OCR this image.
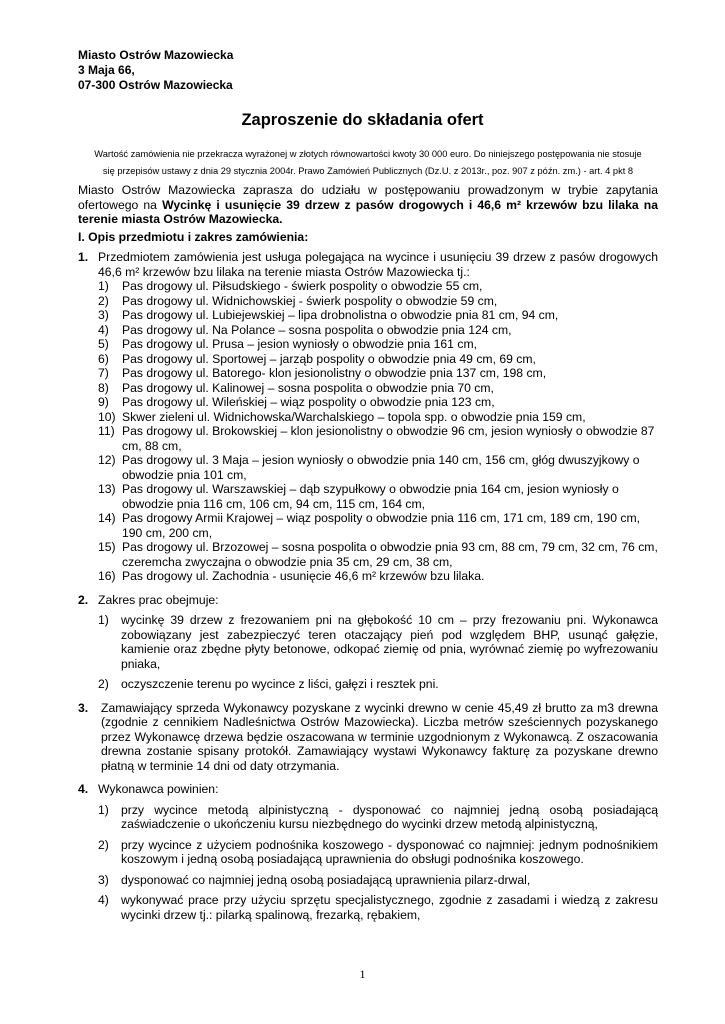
Miasto Ostrów Mazowiecka
3 Maja 66,
07-300 Ostrów Mazowiecka
Zaproszenie do składania ofert
Wartość zamówienia nie przekracza wyrażonej w złotych równowartości kwoty 30 000 euro. Do niniejszego postępowania nie stosuje
się przepisów ustawy z dnia 29 stycznia 2004r. Prawo Zamówień Publicznych (Dz.U. z 2013r., poz. 907 z późn. zm.) - art. 4 pkt 8
Miasto Ostrów Mazowiecka zaprasza do udziału w postępowaniu prowadzonym w trybie zapytania ofertowego na Wycinkę i usunięcie 39 drzew z pasów drogowych i 46,6 m² krzewów bzu lilaka na terenie miasta Ostrów Mazowiecka.
I. Opis przedmiotu i zakres zamówienia:
1. Przedmiotem zamówienia jest usługa polegająca na wycince i usunięciu 39 drzew z pasów drogowych 46,6 m² krzewów bzu lilaka na terenie miasta Ostrów Mazowiecka tj.:
1) Pas drogowy ul. Piłsudskiego - świerk pospolity o obwodzie 55 cm,
2) Pas drogowy ul. Widnichowskiej - świerk pospolity o obwodzie 59 cm,
3) Pas drogowy ul. Lubiejewskiej – lipa drobnolistna o obwodzie pnia 81 cm, 94 cm,
4) Pas drogowy ul. Na Polance – sosna pospolita o obwodzie pnia 124 cm,
5) Pas drogowy ul. Prusa – jesion wyniosły o obwodzie pnia 161 cm,
6) Pas drogowy ul. Sportowej – jarząb pospolity o obwodzie pnia 49 cm, 69 cm,
7) Pas drogowy ul. Batorego- klon jesionolistny o obwodzie pnia 137 cm, 198 cm,
8) Pas drogowy ul. Kalinowej – sosna pospolita o obwodzie pnia 70 cm,
9) Pas drogowy ul. Wileńskiej – wiąz pospolity o obwodzie pnia 123 cm,
10) Skwer zieleni ul. Widnichowska/Warchalskiego – topola spp. o obwodzie pnia 159 cm,
11) Pas drogowy ul. Brokowskiej – klon jesionolistny o obwodzie 96 cm, jesion wyniosły o obwodzie 87 cm, 88 cm,
12) Pas drogowy ul. 3 Maja – jesion wyniosły o obwodzie pnia 140 cm, 156 cm, głóg dwuszyjkowy o obwodzie pnia 101 cm,
13) Pas drogowy ul. Warszawskiej – dąb szypułkowy o obwodzie pnia 164 cm, jesion wyniosły o obwodzie pnia 116 cm, 106 cm, 94 cm, 115 cm, 164 cm,
14) Pas drogowy Armii Krajowej – wiąz pospolity o obwodzie pnia 116 cm, 171 cm, 189 cm, 190 cm, 190 cm, 200 cm,
15) Pas drogowy ul. Brzozowej – sosna pospolita o obwodzie pnia 93 cm, 88 cm, 79 cm, 32 cm, 76 cm, czeremcha zwyczajna o obwodzie pnia 35 cm, 29 cm, 38 cm,
16) Pas drogowy ul. Zachodnia - usunięcie 46,6 m² krzewów bzu lilaka.
2. Zakres prac obejmuje:
1) wycinkę 39 drzew z frezowaniem pni na głębokość 10 cm – przy frezowaniu pni. Wykonawca zobowiązany jest zabezpieczyć teren otaczający pień pod względem BHP, usunąć gałęzie, kamienie oraz zbędne płyty betonowe, odkopać ziemię od pnia, wyrównać ziemię po wyfrezowaniu pniaka,
2) oczyszczenie terenu po wycince z liści, gałęzi i resztek pni.
3. Zamawiający sprzeda Wykonawcy pozyskane z wycinki drewno w cenie 45,49 zł brutto za m3 drewna (zgodnie z cennikiem Nadleśnictwa Ostrów Mazowiecka). Liczba metrów sześciennych pozyskanego przez Wykonawcę drzewa będzie oszacowana w terminie uzgodnionym z Wykonawcą. Z oszacowania drewna zostanie spisany protokół. Zamawiający wystawi Wykonawcy fakturę za pozyskane drewno płatną w terminie 14 dni od daty otrzymania.
4. Wykonawca powinien:
1) przy wycince metodą alpinistyczną - dysponować co najmniej jedną osobą posiadającą zaświadczenie o ukończeniu kursu niezbędnego do wycinki drzew metodą alpinistyczną,
2) przy wycince z użyciem podnośnika koszowego - dysponować co najmniej: jednym podnośnikiem koszowym i jedną osobą posiadającą uprawnienia do obsługi podnośnika koszowego.
3) dysponować co najmniej jedną osobą posiadającą uprawnienia pilarz-drwal,
4) wykonywać prace przy użyciu sprzętu specjalistycznego, zgodnie z zasadami i wiedzą z zakresu wycinki drzew tj.: pilarką spalinową, frezarką, rębakiem,
1
